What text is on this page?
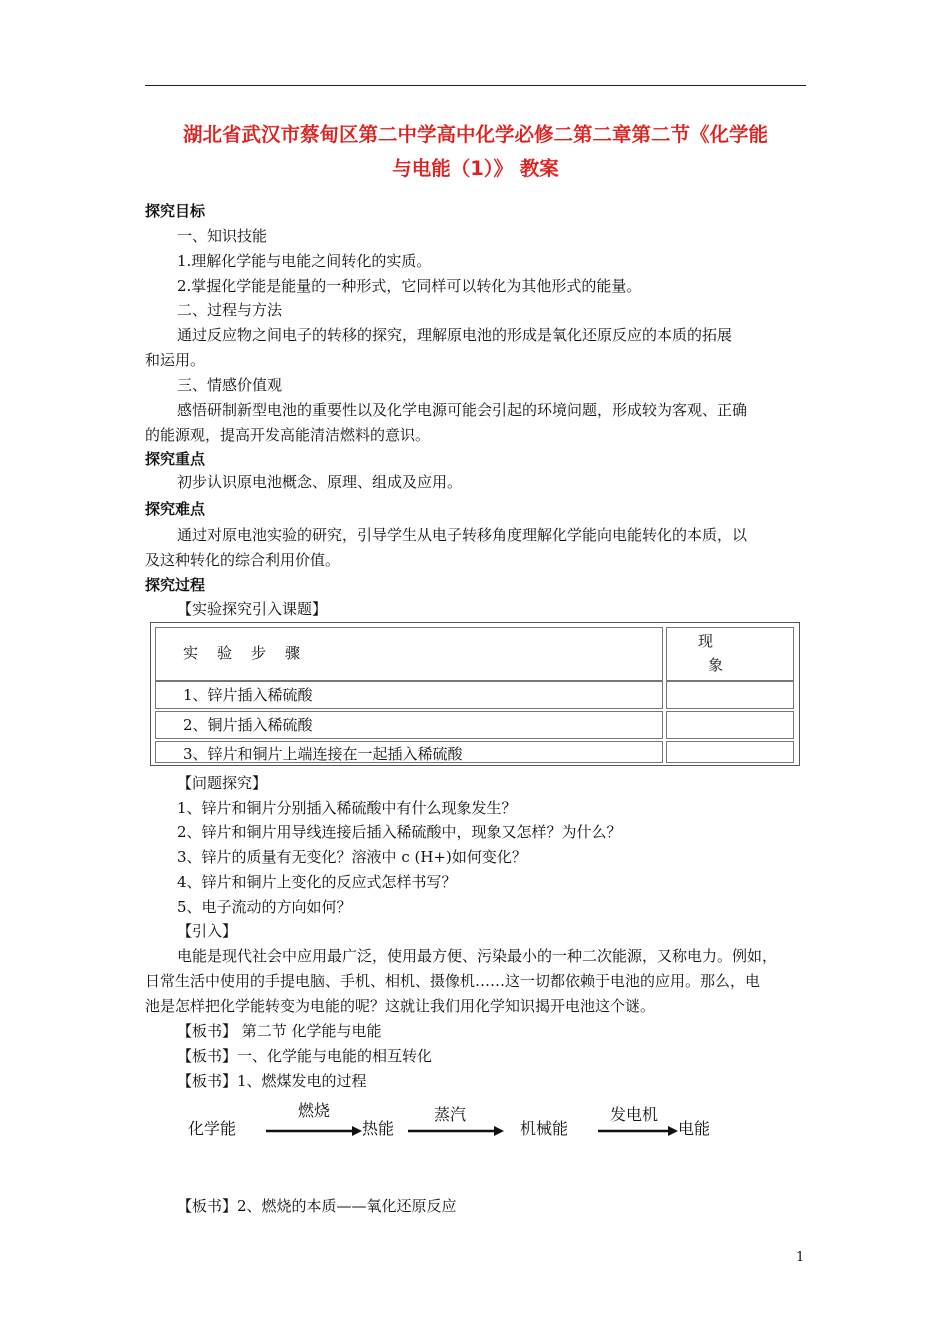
湖北省武汉市蔡甸区第二中学高中化学必修二第二章第二节《化学能
与电能（1）》 教案
探究目标
一、知识技能
1.理解化学能与电能之间转化的实质。
2.掌握化学能是能量的一种形式，它同样可以转化为其他形式的能量。
二、过程与方法
通过反应物之间电子的转移的探究，理解原电池的形成是氧化还原反应的本质的拓展
和运用。
三、情感价值观
感悟研制新型电池的重要性以及化学电源可能会引起的环境问题，形成较为客观、正确
的能源观，提高开发高能清洁燃料的意识。
探究重点
初步认识原电池概念、原理、组成及应用。
探究难点
通过对原电池实验的研究，引导学生从电子转移角度理解化学能向电能转化的本质，以
及这种转化的综合利用价值。
探究过程
【实验探究引入课题】
实　验　步　骤
现
象
1、锌片插入稀硫酸
2、铜片插入稀硫酸
3、锌片和铜片上端连接在一起插入稀硫酸
【问题探究】
1、锌片和铜片分别插入稀硫酸中有什么现象发生？
2、锌片和铜片用导线连接后插入稀硫酸中，现象又怎样？为什么？
3、锌片的质量有无变化？溶液中 c (H+)如何变化？
4、锌片和铜片上变化的反应式怎样书写？
5、电子流动的方向如何？
【引入】
电能是现代社会中应用最广泛，使用最方便、污染最小的一种二次能源，又称电力。例如，
日常生活中使用的手提电脑、手机、相机、摄像机……这一切都依赖于电池的应用。那么，电
池是怎样把化学能转变为电能的呢？这就让我们用化学知识揭开电池这个谜。
【板书】 第二节 化学能与电能
【板书】一、化学能与电能的相互转化
【板书】1、燃煤发电的过程
化学能
燃烧
热能
蒸汽
机械能
发电机
电能
【板书】2、燃烧的本质——氧化还原反应
1
